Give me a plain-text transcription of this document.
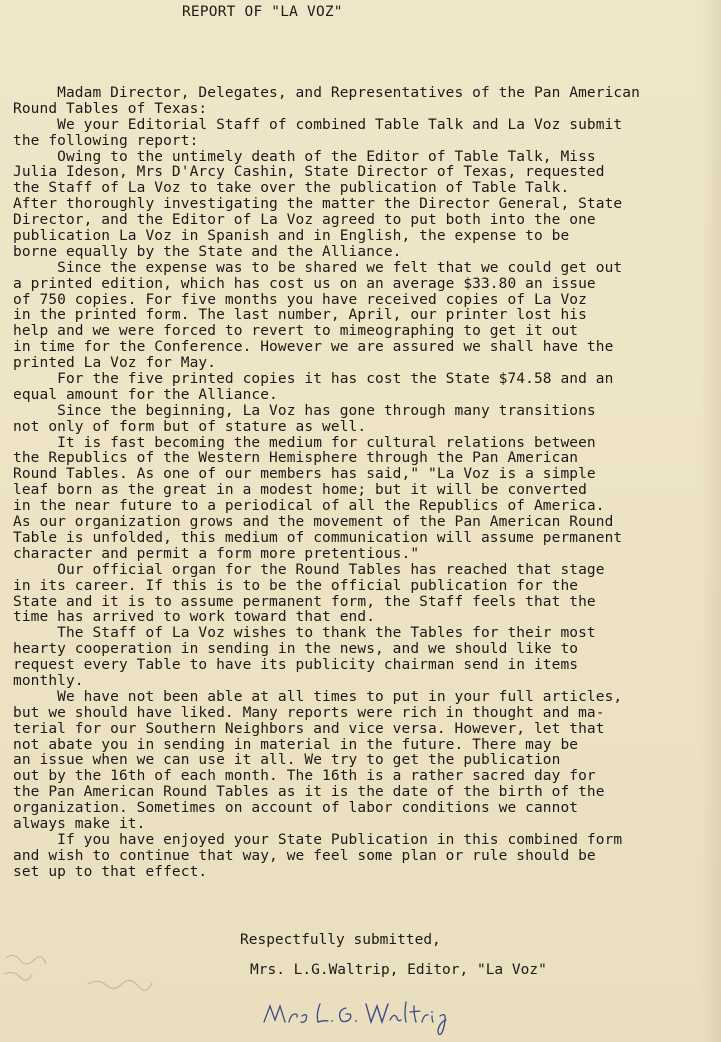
REPORT OF "LA VOZ"
Madam Director, Delegates, and Representatives of the Pan American
Round Tables of Texas:
We your Editorial Staff of combined Table Talk and La Voz submit
the following report:
Owing to the untimely death of the Editor of Table Talk, Miss
Julia Ideson, Mrs D'Arcy Cashin, State Director of Texas, requested
the Staff of La Voz to take over the publication of Table Talk.
After thoroughly investigating the matter the Director General, State
Director, and the Editor of La Voz agreed to put both into the one
publication La Voz in Spanish and in English, the expense to be
borne equally by the State and the Alliance.
Since the expense was to be shared we felt that we could get out
a printed edition, which has cost us on an average $33.80 an issue
of 750 copies. For five months you have received copies of La Voz
in the printed form. The last number, April, our printer lost his
help and we were forced to revert to mimeographing to get it out
in time for the Conference. However we are assured we shall have the
printed La Voz for May.
For the five printed copies it has cost the State $74.58 and an
equal amount for the Alliance.
Since the beginning, La Voz has gone through many transitions
not only of form but of stature as well.
It is fast becoming the medium for cultural relations between
the Republics of the Western Hemisphere through the Pan American
Round Tables. As one of our members has said," "La Voz is a simple
leaf born as the great in a modest home; but it will be converted
in the near future to a periodical of all the Republics of America.
As our organization grows and the movement of the Pan American Round
Table is unfolded, this medium of communication will assume permanent
character and permit a form more pretentious."
Our official organ for the Round Tables has reached that stage
in its career. If this is to be the official publication for the
State and it is to assume permanent form, the Staff feels that the
time has arrived to work toward that end.
The Staff of La Voz wishes to thank the Tables for their most
hearty cooperation in sending in the news, and we should like to
request every Table to have its publicity chairman send in items
monthly.
We have not been able at all times to put in your full articles,
but we should have liked. Many reports were rich in thought and ma-
terial for our Southern Neighbors and vice versa. However, let that
not abate you in sending in material in the future. There may be
an issue when we can use it all. We try to get the publication
out by the 16th of each month. The 16th is a rather sacred day for
the Pan American Round Tables as it is the date of the birth of the
organization. Sometimes on account of labor conditions we cannot
always make it.
If you have enjoyed your State Publication in this combined form
and wish to continue that way, we feel some plan or rule should be
set up to that effect.
Respectfully submitted,
Mrs. L.G.Waltrip, Editor, "La Voz"
